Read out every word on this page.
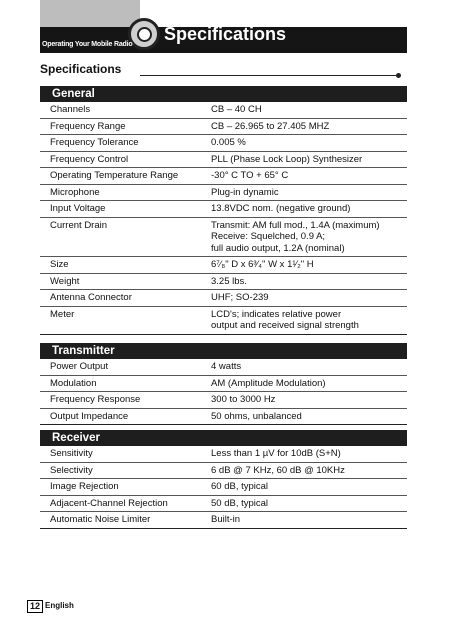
Operating Your Mobile Radio
Specifications
Specifications
General
Channels	CB – 40 CH
Frequency Range	CB – 26.965 to 27.405 MHZ
Frequency Tolerance	0.005 %
Frequency Control	PLL (Phase Lock Loop) Synthesizer
Operating Temperature Range	-30° C TO + 65° C
Microphone	Plug-in dynamic
Input Voltage	13.8VDC nom. (negative ground)
Current Drain	Transmit: AM full mod., 1.4A (maximum)
Receive: Squelched, 0.9 A;
full audio output, 1.2A (nominal)
Size	6⁷⁄₈" D x 6³⁄₄" W x 1¹⁄₂" H
Weight	3.25 lbs.
Antenna Connector	UHF; SO-239
Meter	LCD's; indicates relative power
output and received signal strength
Transmitter
Power Output	4 watts
Modulation	AM (Amplitude Modulation)
Frequency Response	300 to 3000 Hz
Output Impedance	50 ohms, unbalanced
Receiver
Sensitivity	Less than 1 µV for 10dB (S+N)
Selectivity	6 dB @ 7 KHz, 60 dB @ 10KHz
Image Rejection	60 dB, typical
Adjacent-Channel Rejection	50 dB, typical
Automatic Noise Limiter	Built-in
12 English
